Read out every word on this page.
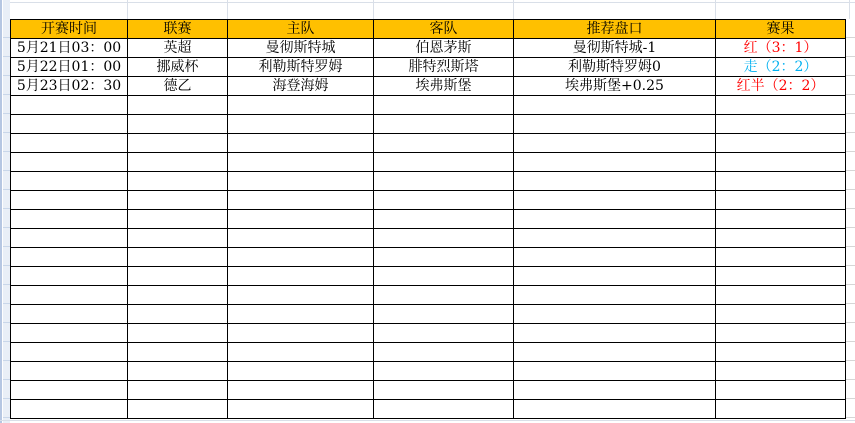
开赛时间	联赛	主队	客队	推荐盘口	赛果
5月21日03：00	英超	曼彻斯特城	伯恩茅斯	曼彻斯特城-1	红（3：1）
5月22日01：00	挪威杯	利勒斯特罗姆	腓特烈斯塔	利勒斯特罗姆0	走（2：2）
5月23日02：30	德乙	海登海姆	埃弗斯堡	埃弗斯堡+0.25	红半（2：2）
